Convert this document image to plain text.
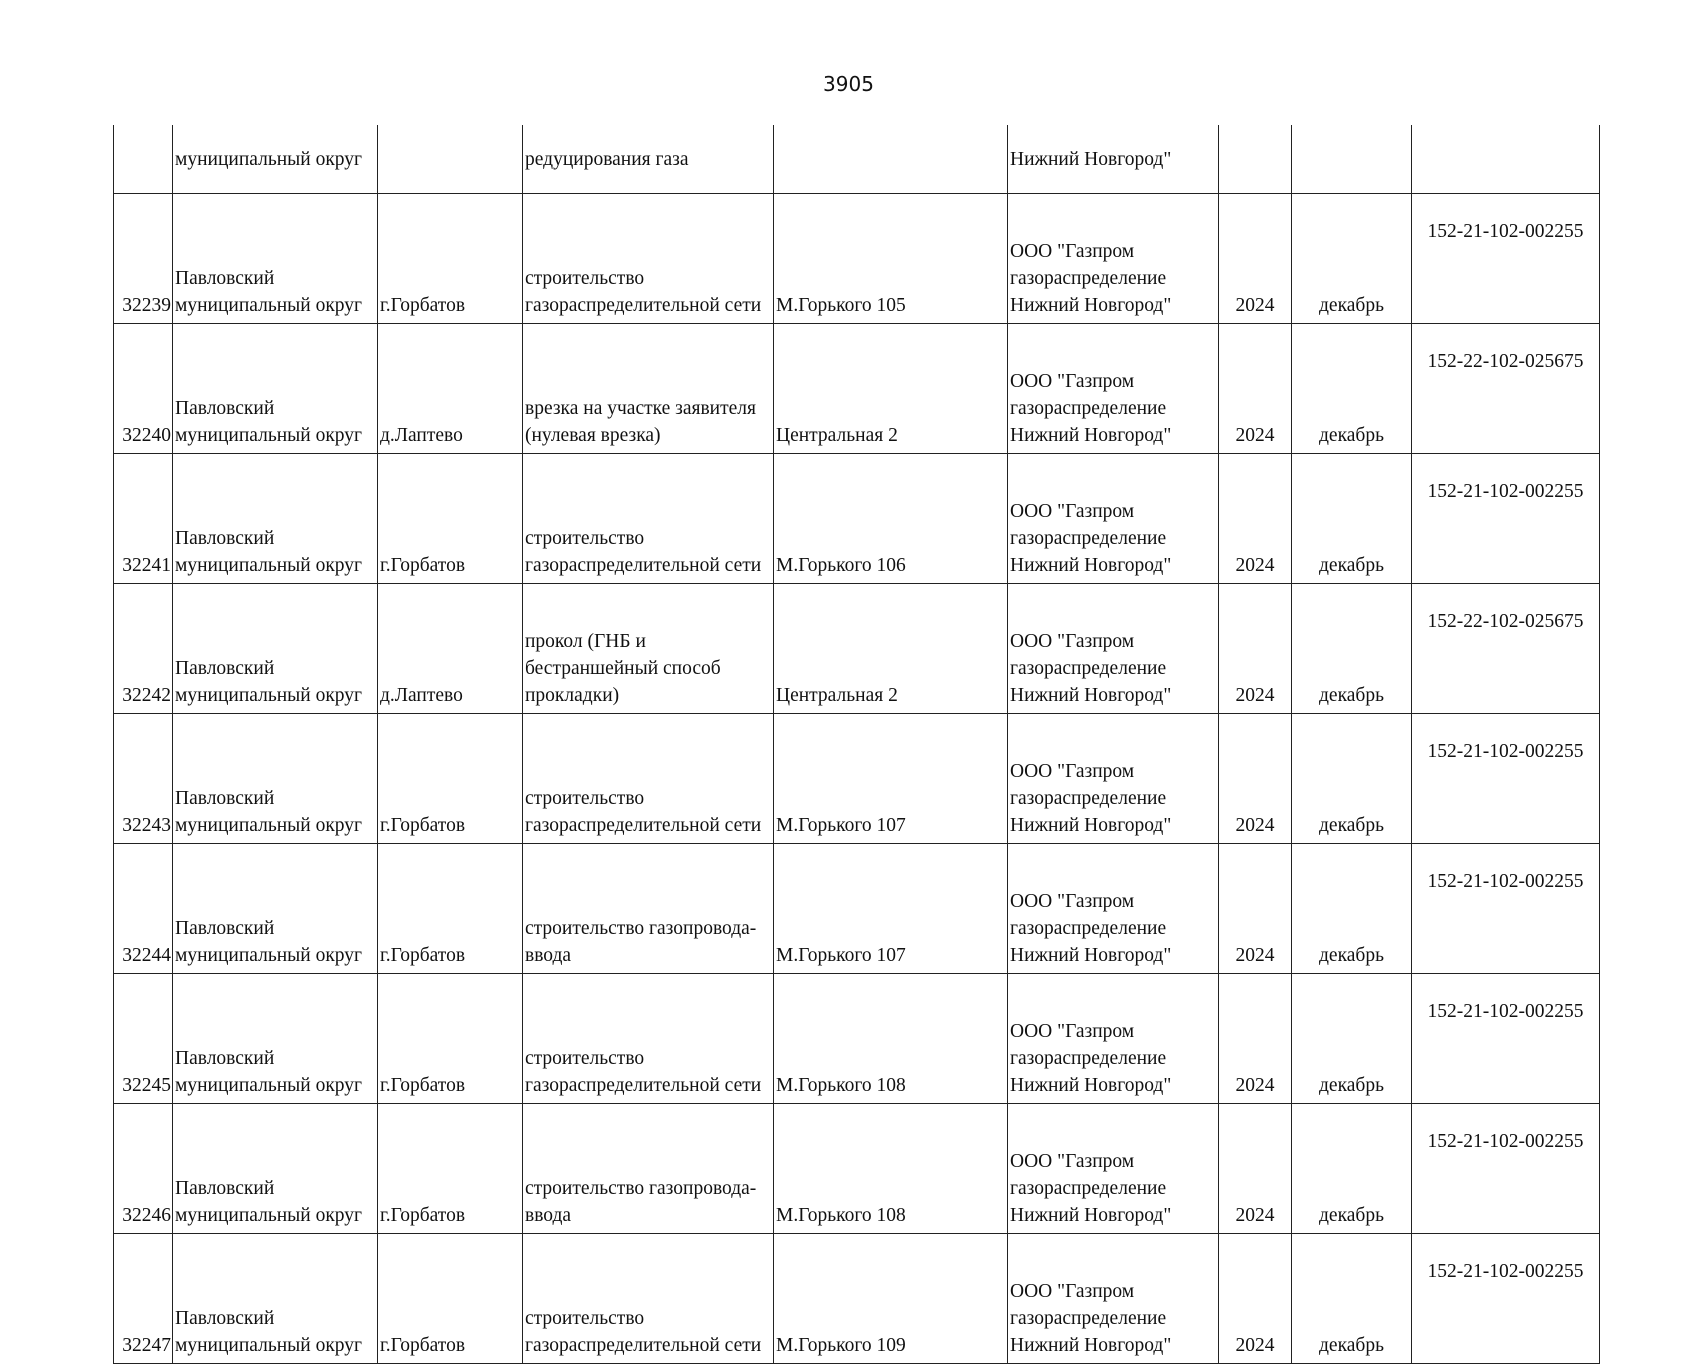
3905
	муниципальный округ		редуцирования газа		Нижний Новгород"			
32239	Павловский
муниципальный округ	г.Горбатов	строительство
газораспределительной сети	М.Горького 105	ООО "Газпром
газораспределение
Нижний Новгород"	2024	декабрь	152-21-102-002255
32240	Павловский
муниципальный округ	д.Лаптево	врезка на участке заявителя
(нулевая врезка)	Центральная 2	ООО "Газпром
газораспределение
Нижний Новгород"	2024	декабрь	152-22-102-025675
32241	Павловский
муниципальный округ	г.Горбатов	строительство
газораспределительной сети	М.Горького 106	ООО "Газпром
газораспределение
Нижний Новгород"	2024	декабрь	152-21-102-002255
32242	Павловский
муниципальный округ	д.Лаптево	прокол (ГНБ и
бестраншейный способ
прокладки)	Центральная 2	ООО "Газпром
газораспределение
Нижний Новгород"	2024	декабрь	152-22-102-025675
32243	Павловский
муниципальный округ	г.Горбатов	строительство
газораспределительной сети	М.Горького 107	ООО "Газпром
газораспределение
Нижний Новгород"	2024	декабрь	152-21-102-002255
32244	Павловский
муниципальный округ	г.Горбатов	строительство газопровода-
ввода	М.Горького 107	ООО "Газпром
газораспределение
Нижний Новгород"	2024	декабрь	152-21-102-002255
32245	Павловский
муниципальный округ	г.Горбатов	строительство
газораспределительной сети	М.Горького 108	ООО "Газпром
газораспределение
Нижний Новгород"	2024	декабрь	152-21-102-002255
32246	Павловский
муниципальный округ	г.Горбатов	строительство газопровода-
ввода	М.Горького 108	ООО "Газпром
газораспределение
Нижний Новгород"	2024	декабрь	152-21-102-002255
32247	Павловский
муниципальный округ	г.Горбатов	строительство
газораспределительной сети	М.Горького 109	ООО "Газпром
газораспределение
Нижний Новгород"	2024	декабрь	152-21-102-002255
